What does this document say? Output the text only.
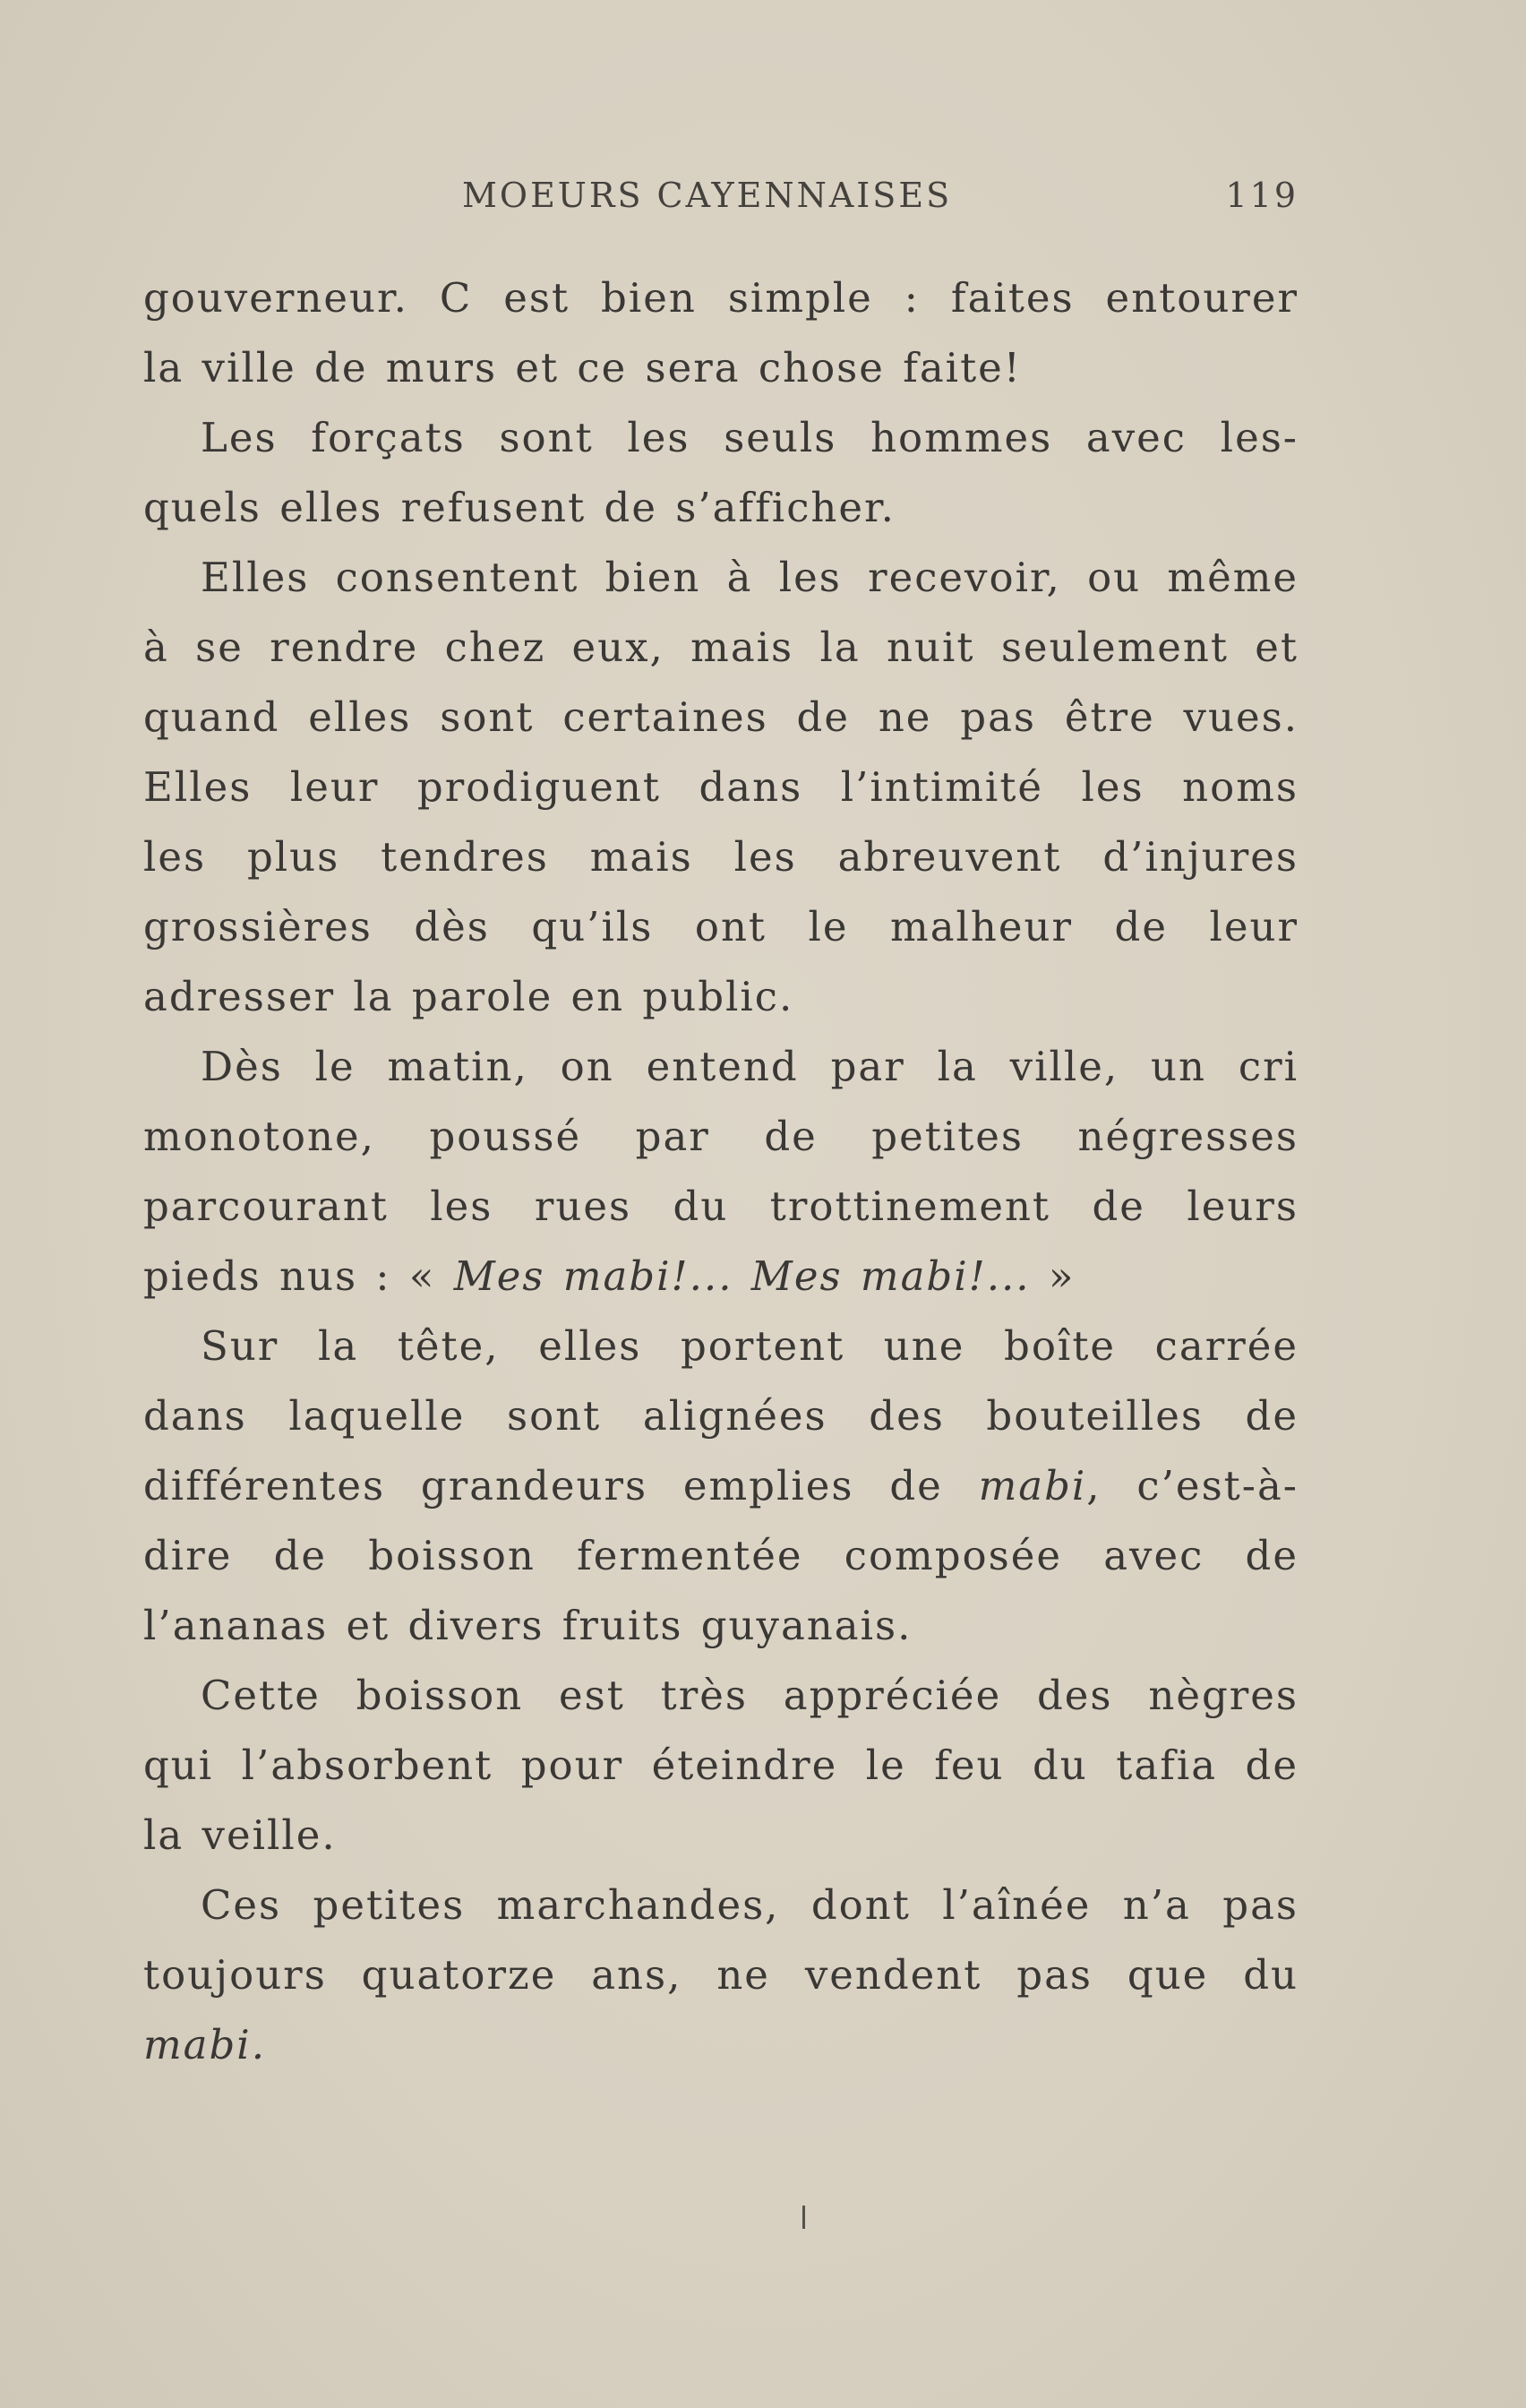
MOEURS CAYENNAISES	119

gouverneur. C est bien simple : faites entourer
la ville de murs et ce sera chose faite!

Les forçats sont les seuls hommes avec les-
quels elles refusent de s’afficher.

Elles consentent bien à les recevoir, ou même
à se rendre chez eux, mais la nuit seulement et
quand elles sont certaines de ne pas être vues.
Elles leur prodiguent dans l’intimité les noms
les plus tendres mais les abreuvent d’injures
grossières dès qu’ils ont le malheur de leur
adresser la parole en public.

Dès le matin, on entend par la ville, un cri
monotone, poussé par de petites négresses
parcourant les rues du trottinement de leurs
pieds nus : « Mes mabi!... Mes mabi!... »

Sur la tête, elles portent une boîte carrée
dans laquelle sont alignées des bouteilles de
différentes grandeurs emplies de mabi, c’est-à-
dire de boisson fermentée composée avec de
l’ananas et divers fruits guyanais.

Cette boisson est très appréciée des nègres
qui l’absorbent pour éteindre le feu du tafia de
la veille.

Ces petites marchandes, dont l’aînée n’a pas
toujours quatorze ans, ne vendent pas que du
mabi.
